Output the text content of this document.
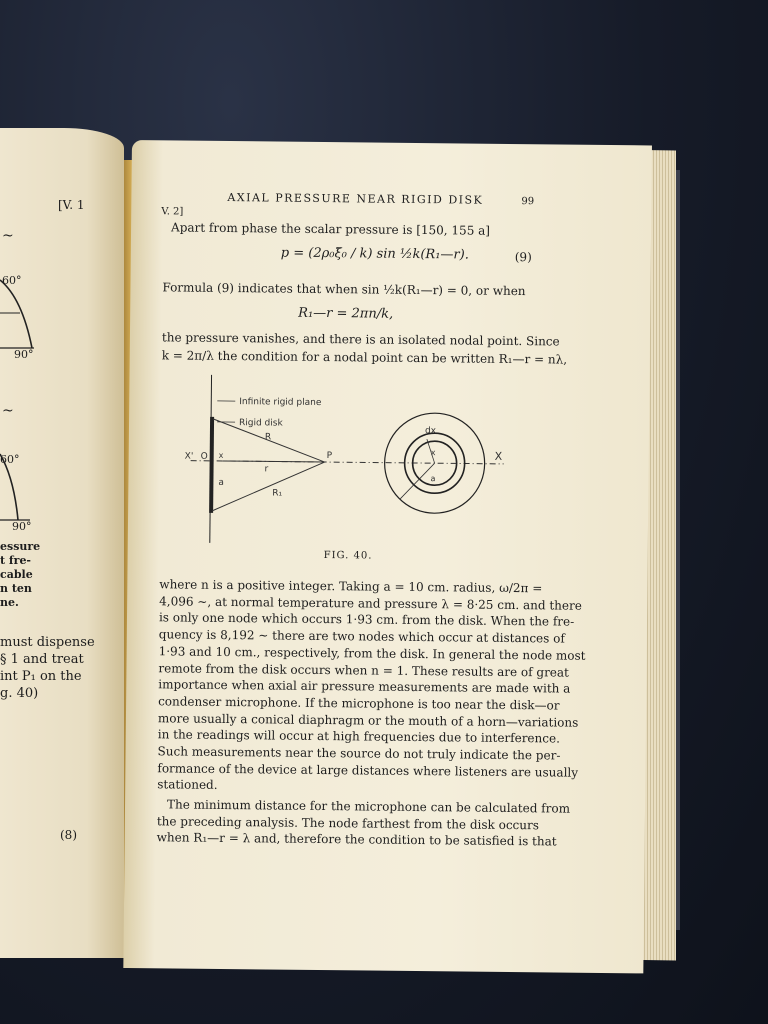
[V. 1
~
60°
90°
~
60°
90°
essure
t fre-
cable
n ten
ne.
must dispense
§ 1 and treat
int P₁ on the
g. 40)
(8)
V. 2]
AXIAL PRESSURE NEAR RIGID DISK	99
Apart from phase the scalar pressure is [150, 155 a]
p = (2ρ₀ξ̈₀ / k) sin ½k(R₁—r).	(9)
Formula (9) indicates that when sin ½k(R₁—r) = 0, or when
R₁—r = 2πn/k,
the pressure vanishes, and there is an isolated nodal point. Since
k = 2π/λ the condition for a nodal point can be written R₁—r = nλ,
Infinite rigid plane
Rigid disk
R
P
X' O x
r
a
R₁
X
dx
x
a
FIG. 40.
where n is a positive integer. Taking a = 10 cm. radius, ω/2π =
4,096 ∼, at normal temperature and pressure λ = 8·25 cm. and there
is only one node which occurs 1·93 cm. from the disk. When the fre-
quency is 8,192 ∼ there are two nodes which occur at distances of
1·93 and 10 cm., respectively, from the disk. In general the node most
remote from the disk occurs when n = 1. These results are of great
importance when axial air pressure measurements are made with a
condenser microphone. If the microphone is too near the disk—or
more usually a conical diaphragm or the mouth of a horn—variations
in the readings will occur at high frequencies due to interference.
Such measurements near the source do not truly indicate the per-
formance of the device at large distances where listeners are usually
stationed.
The minimum distance for the microphone can be calculated from
the preceding analysis. The node farthest from the disk occurs
when R₁—r = λ and, therefore the condition to be satisfied is that
